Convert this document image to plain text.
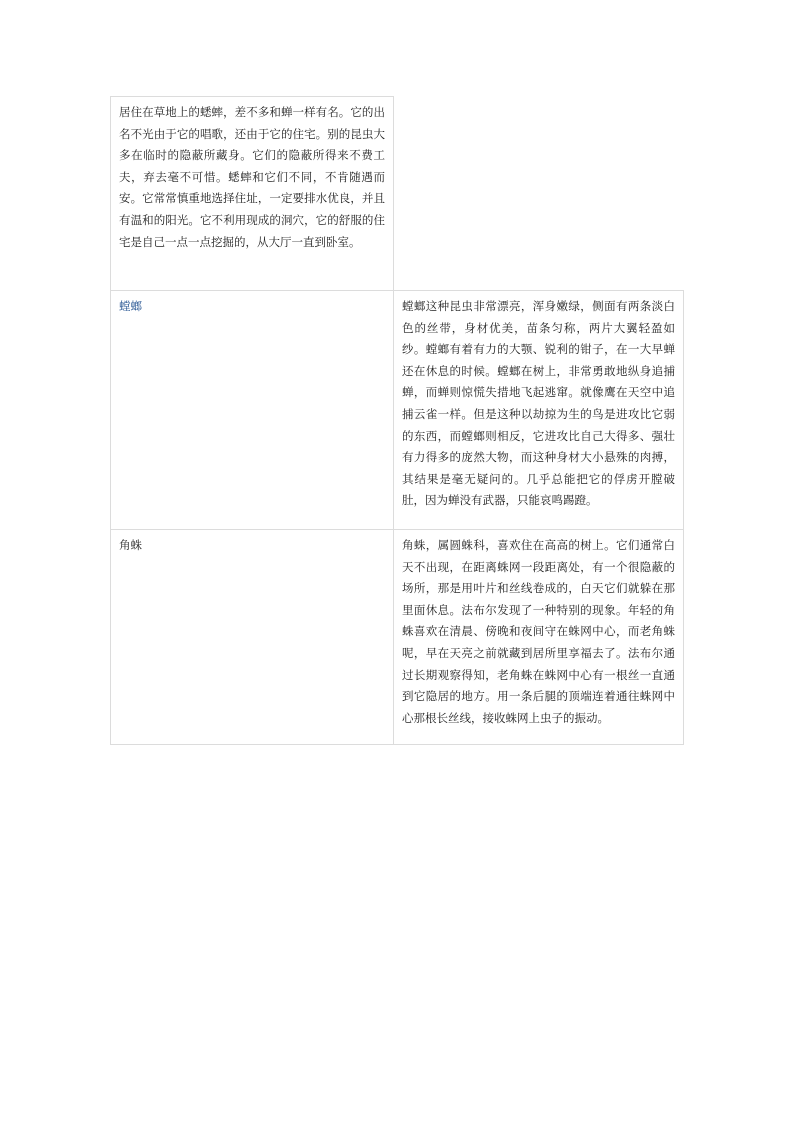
居住在草地上的蟋蟀，差不多和蝉一样有名。它的出名不光由于它的唱歌，还由于它的住宅。别的昆虫大多在临时的隐蔽所藏身。它们的隐蔽所得来不费工夫，弃去毫不可惜。蟋蟀和它们不同，不肯随遇而安。它常常慎重地选择住址，一定要排水优良，并且有温和的阳光。它不利用现成的洞穴，它的舒服的住宅是自己一点一点挖掘的，从大厅一直到卧室。
螳螂	螳螂这种昆虫非常漂亮，浑身嫩绿，侧面有两条淡白色的丝带，身材优美，苗条匀称，两片大翼轻盈如纱。螳螂有着有力的大颚、锐利的钳子，在一大早蝉还在休息的时候。螳螂在树上，非常勇敢地纵身追捕蝉，而蝉则惊慌失措地飞起逃窜。就像鹰在天空中追捕云雀一样。但是这种以劫掠为生的鸟是进攻比它弱的东西，而螳螂则相反，它进攻比自己大得多、强壮有力得多的庞然大物，而这种身材大小悬殊的肉搏，其结果是毫无疑问的。几乎总能把它的俘虏开膛破肚，因为蝉没有武器，只能哀鸣踢蹬。
角蛛	角蛛，属圆蛛科，喜欢住在高高的树上。它们通常白天不出现，在距离蛛网一段距离处，有一个很隐蔽的场所，那是用叶片和丝线卷成的，白天它们就躲在那里面休息。法布尔发现了一种特别的现象。年轻的角蛛喜欢在清晨、傍晚和夜间守在蛛网中心，而老角蛛呢，早在天亮之前就藏到居所里享福去了。法布尔通过长期观察得知，老角蛛在蛛网中心有一根丝一直通到它隐居的地方。用一条后腿的顶端连着通往蛛网中心那根长丝线，接收蛛网上虫子的振动。
